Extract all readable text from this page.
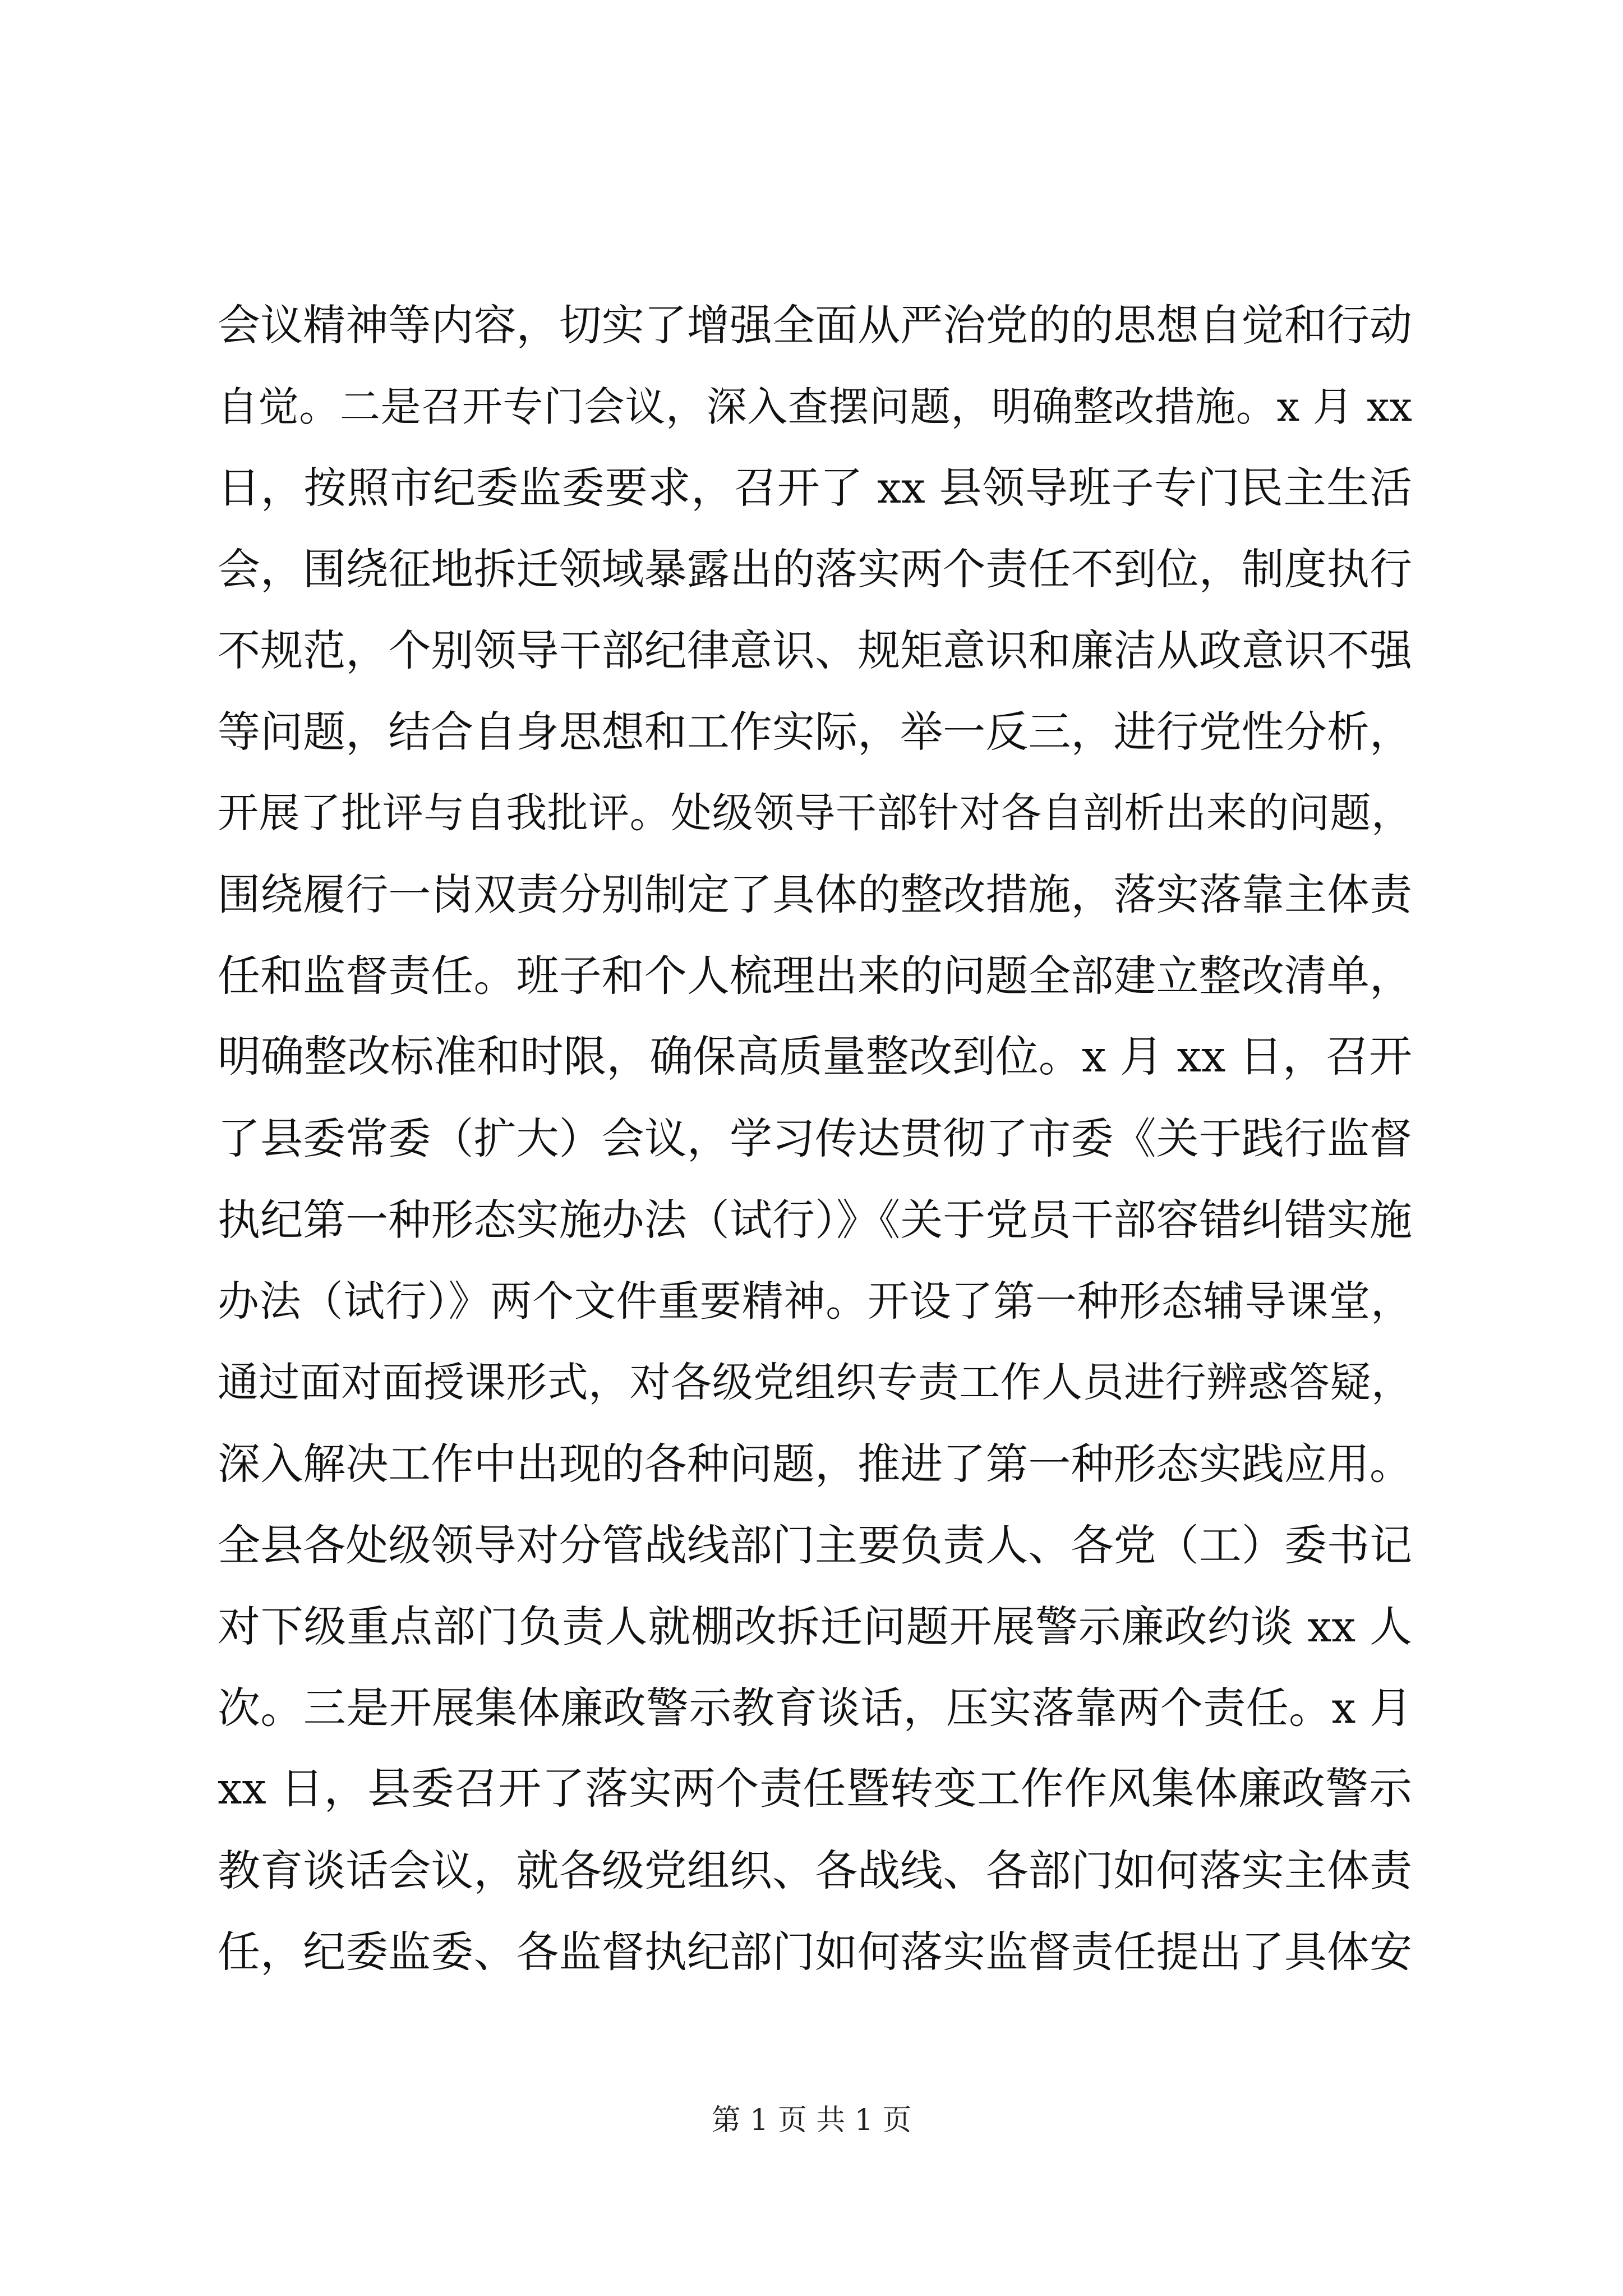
会议精神等内容，切实了增强全面从严治党的的思想自觉和行动
自觉。二是召开专门会议，深入查摆问题，明确整改措施。x 月 xx
日，按照市纪委监委要求，召开了 xx 县领导班子专门民主生活
会，围绕征地拆迁领域暴露出的落实两个责任不到位，制度执行
不规范，个别领导干部纪律意识、规矩意识和廉洁从政意识不强
等问题，结合自身思想和工作实际，举一反三，进行党性分析，
开展了批评与自我批评。处级领导干部针对各自剖析出来的问题，
围绕履行一岗双责分别制定了具体的整改措施，落实落靠主体责
任和监督责任。班子和个人梳理出来的问题全部建立整改清单，
明确整改标准和时限，确保高质量整改到位。x 月 xx 日，召开
了县委常委（扩大）会议，学习传达贯彻了市委《关于践行监督
执纪第一种形态实施办法（试行）》《关于党员干部容错纠错实施
办法（试行）》两个文件重要精神。开设了第一种形态辅导课堂，
通过面对面授课形式，对各级党组织专责工作人员进行辨惑答疑，
深入解决工作中出现的各种问题，推进了第一种形态实践应用。
全县各处级领导对分管战线部门主要负责人、各党（工）委书记
对下级重点部门负责人就棚改拆迁问题开展警示廉政约谈 xx 人
次。三是开展集体廉政警示教育谈话，压实落靠两个责任。x 月
xx 日，县委召开了落实两个责任暨转变工作作风集体廉政警示
教育谈话会议，就各级党组织、各战线、各部门如何落实主体责
任，纪委监委、各监督执纪部门如何落实监督责任提出了具体安
第 1 页 共 1 页
